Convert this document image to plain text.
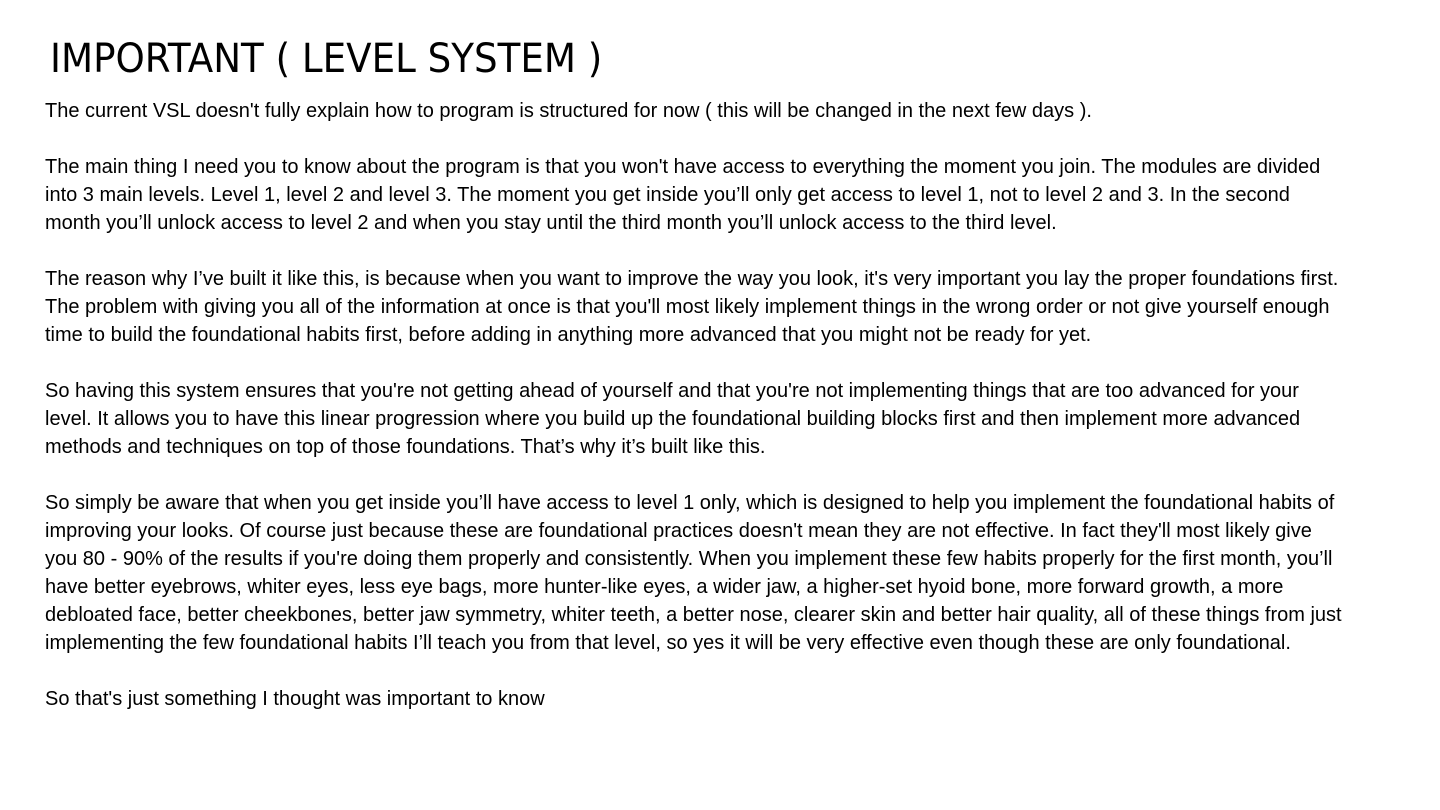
IMPORTANT ( LEVEL SYSTEM )

The current VSL doesn't fully explain how to program is structured for now ( this will be changed in the next few days ).

The main thing I need you to know about the program is that you won't have access to everything the moment you join. The modules are divided into 3 main levels. Level 1, level 2 and level 3. The moment you get inside you’ll only get access to level 1, not to level 2 and 3. In the second month you’ll unlock access to level 2 and when you stay until the third month you’ll unlock access to the third level.

The reason why I’ve built it like this, is because when you want to improve the way you look, it's very important you lay the proper foundations first. The problem with giving you all of the information at once is that you'll most likely implement things in the wrong order or not give yourself enough time to build the foundational habits first, before adding in anything more advanced that you might not be ready for yet.

So having this system ensures that you're not getting ahead of yourself and that you're not implementing things that are too advanced for your level. It allows you to have this linear progression where you build up the foundational building blocks first and then implement more advanced methods and techniques on top of those foundations. That’s why it’s built like this.

So simply be aware that when you get inside you’ll have access to level 1 only, which is designed to help you implement the foundational habits of improving your looks. Of course just because these are foundational practices doesn't mean they are not effective. In fact they'll most likely give you 80 - 90% of the results if you're doing them properly and consistently. When you implement these few habits properly for the first month, you’ll have better eyebrows, whiter eyes, less eye bags, more hunter-like eyes, a wider jaw, a higher-set hyoid bone, more forward growth, a more debloated face, better cheekbones, better jaw symmetry, whiter teeth, a better nose, clearer skin and better hair quality, all of these things from just implementing the few foundational habits I’ll teach you from that level, so yes it will be very effective even though these are only foundational.

So that's just something I thought was important to know
